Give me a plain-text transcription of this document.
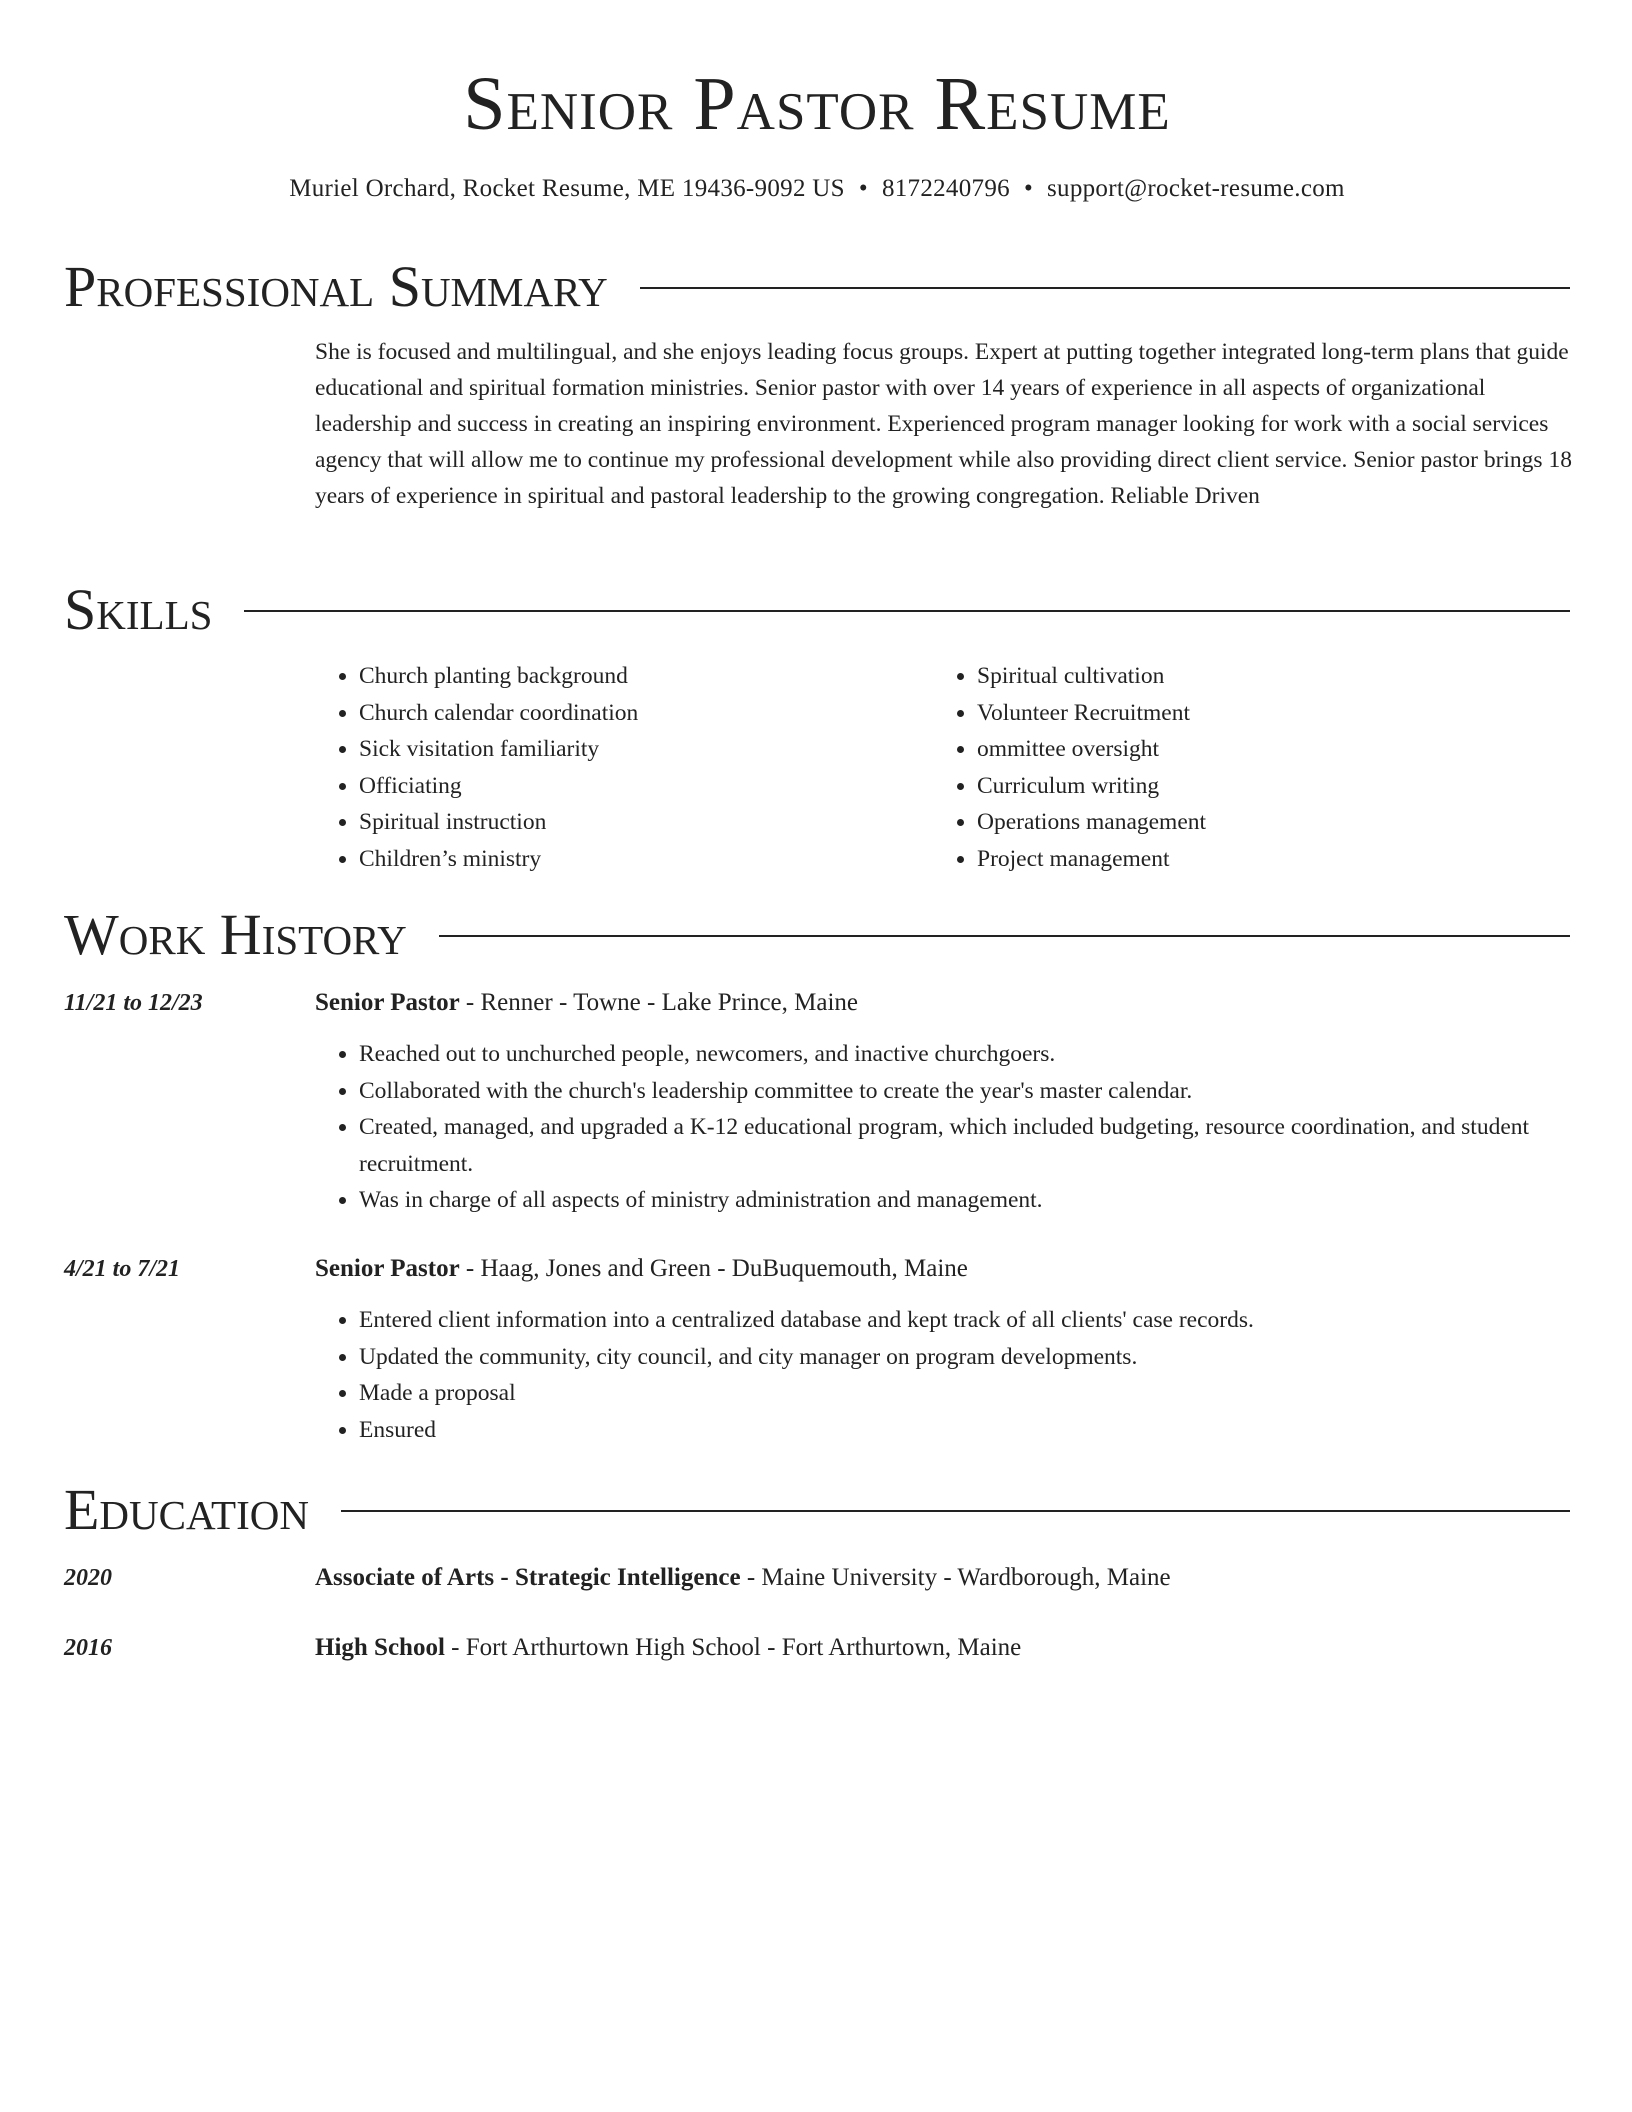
Senior Pastor Resume
Muriel Orchard, Rocket Resume, ME 19436-9092 US • 8172240796 • support@rocket-resume.com
Professional Summary

She is focused and multilingual, and she enjoys leading focus groups. Expert at putting together integrated long-term plans that guide educational and spiritual formation ministries. Senior pastor with over 14 years of experience in all aspects of organizational leadership and success in creating an inspiring environment. Experienced program manager looking for work with a social services agency that will allow me to continue my professional development while also providing direct client service. Senior pastor brings 18 years of experience in spiritual and pastoral leadership to the growing congregation. Reliable Driven

Skills
• Church planting background
• Church calendar coordination
• Sick visitation familiarity
• Officiating
• Spiritual instruction
• Children’s ministry
• Spiritual cultivation
• Volunteer Recruitment
• ommittee oversight
• Curriculum writing
• Operations management
• Project management
Work History
11/21 to 12/23	Senior Pastor - Renner - Towne - Lake Prince, Maine
• Reached out to unchurched people, newcomers, and inactive churchgoers.
• Collaborated with the church's leadership committee to create the year's master calendar.
• Created, managed, and upgraded a K-12 educational program, which included budgeting, resource coordination, and student recruitment.
• Was in charge of all aspects of ministry administration and management.
4/21 to 7/21	Senior Pastor - Haag, Jones and Green - DuBuquemouth, Maine
• Entered client information into a centralized database and kept track of all clients' case records.
• Updated the community, city council, and city manager on program developments.
• Made a proposal
• Ensured
Education
2020	Associate of Arts - Strategic Intelligence - Maine University - Wardborough, Maine
2016	High School - Fort Arthurtown High School - Fort Arthurtown, Maine
